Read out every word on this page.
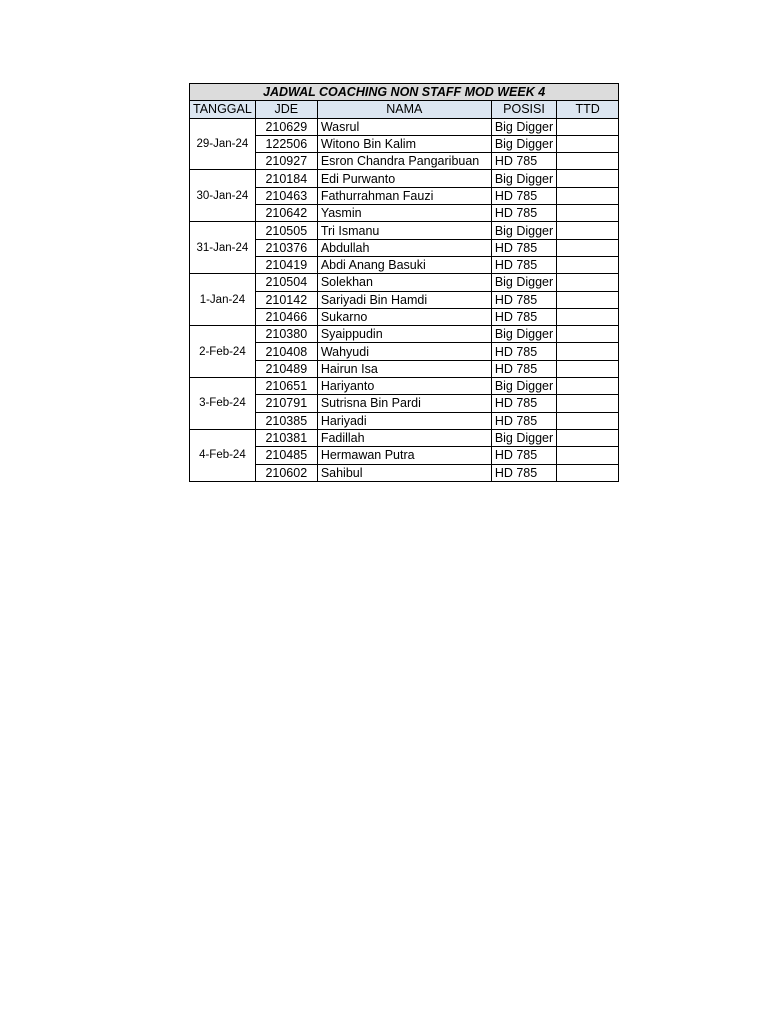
JADWAL COACHING NON STAFF MOD WEEK 4				
TANGGAL	JDE	NAMA	POSISI	TTD
29-Jan-24	210629	Wasrul	Big Digger	
	122506	Witono Bin Kalim	Big Digger	
	210927	Esron Chandra Pangaribuan	HD 785	
30-Jan-24	210184	Edi Purwanto	Big Digger	
	210463	Fathurrahman Fauzi	HD 785	
	210642	Yasmin	HD 785	
31-Jan-24	210505	Tri Ismanu	Big Digger	
	210376	Abdullah	HD 785	
	210419	Abdi Anang Basuki	HD 785	
1-Jan-24	210504	Solekhan	Big Digger	
	210142	Sariyadi Bin Hamdi	HD 785	
	210466	Sukarno	HD 785	
2-Feb-24	210380	Syaippudin	Big Digger	
	210408	Wahyudi	HD 785	
	210489	Hairun Isa	HD 785	
3-Feb-24	210651	Hariyanto	Big Digger	
	210791	Sutrisna Bin Pardi	HD 785	
	210385	Hariyadi	HD 785	
4-Feb-24	210381	Fadillah	Big Digger	
	210485	Hermawan Putra	HD 785	
	210602	Sahibul	HD 785	
